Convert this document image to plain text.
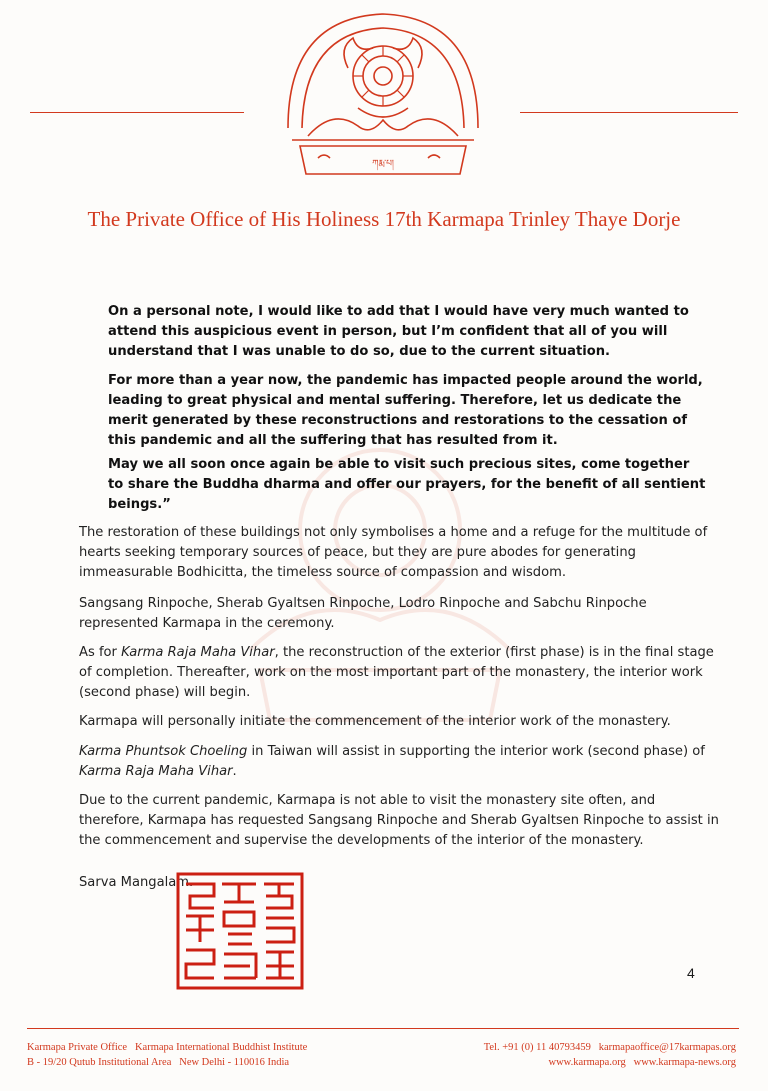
ཀརྨ་པ།
The Private Office of His Holiness 17th Karmapa Trinley Thaye Dorje
On a personal note, I would like to add that I would have very much wanted to attend this auspicious event in person, but I’m confident that all of you will understand that I was unable to do so, due to the current situation.
For more than a year now, the pandemic has impacted people around the world, leading to great physical and mental suffering. Therefore, let us dedicate the merit generated by these reconstructions and restorations to the cessation of this pandemic and all the suffering that has resulted from it.
May we all soon once again be able to visit such precious sites, come together to share the Buddha dharma and offer our prayers, for the benefit of all sentient beings.”
The restoration of these buildings not only symbolises a home and a refuge for the multitude of hearts seeking temporary sources of peace, but they are pure abodes for generating immeasurable Bodhicitta, the timeless source of compassion and wisdom.
Sangsang Rinpoche, Sherab Gyaltsen Rinpoche, Lodro Rinpoche and Sabchu Rinpoche represented Karmapa in the ceremony.
As for Karma Raja Maha Vihar, the reconstruction of the exterior (first phase) is in the final stage of completion. Thereafter, work on the most important part of the monastery, the interior work (second phase) will begin.
Karmapa will personally initiate the commencement of the interior work of the monastery.
Karma Phuntsok Choeling in Taiwan will assist in supporting the interior work (second phase) of Karma Raja Maha Vihar.
Due to the current pandemic, Karmapa is not able to visit the monastery site often, and therefore, Karmapa has requested Sangsang Rinpoche and Sherab Gyaltsen Rinpoche to assist in the commencement and supervise the developments of the interior of the monastery.
Sarva Mangalam.
4
Karmapa Private Office   Karmapa International Buddhist Institute
B - 19/20 Qutub Institutional Area   New Delhi - 110016 India
Tel. +91 (0) 11 40793459   karmapaoffice@17karmapas.org
www.karmapa.org   www.karmapa-news.org
